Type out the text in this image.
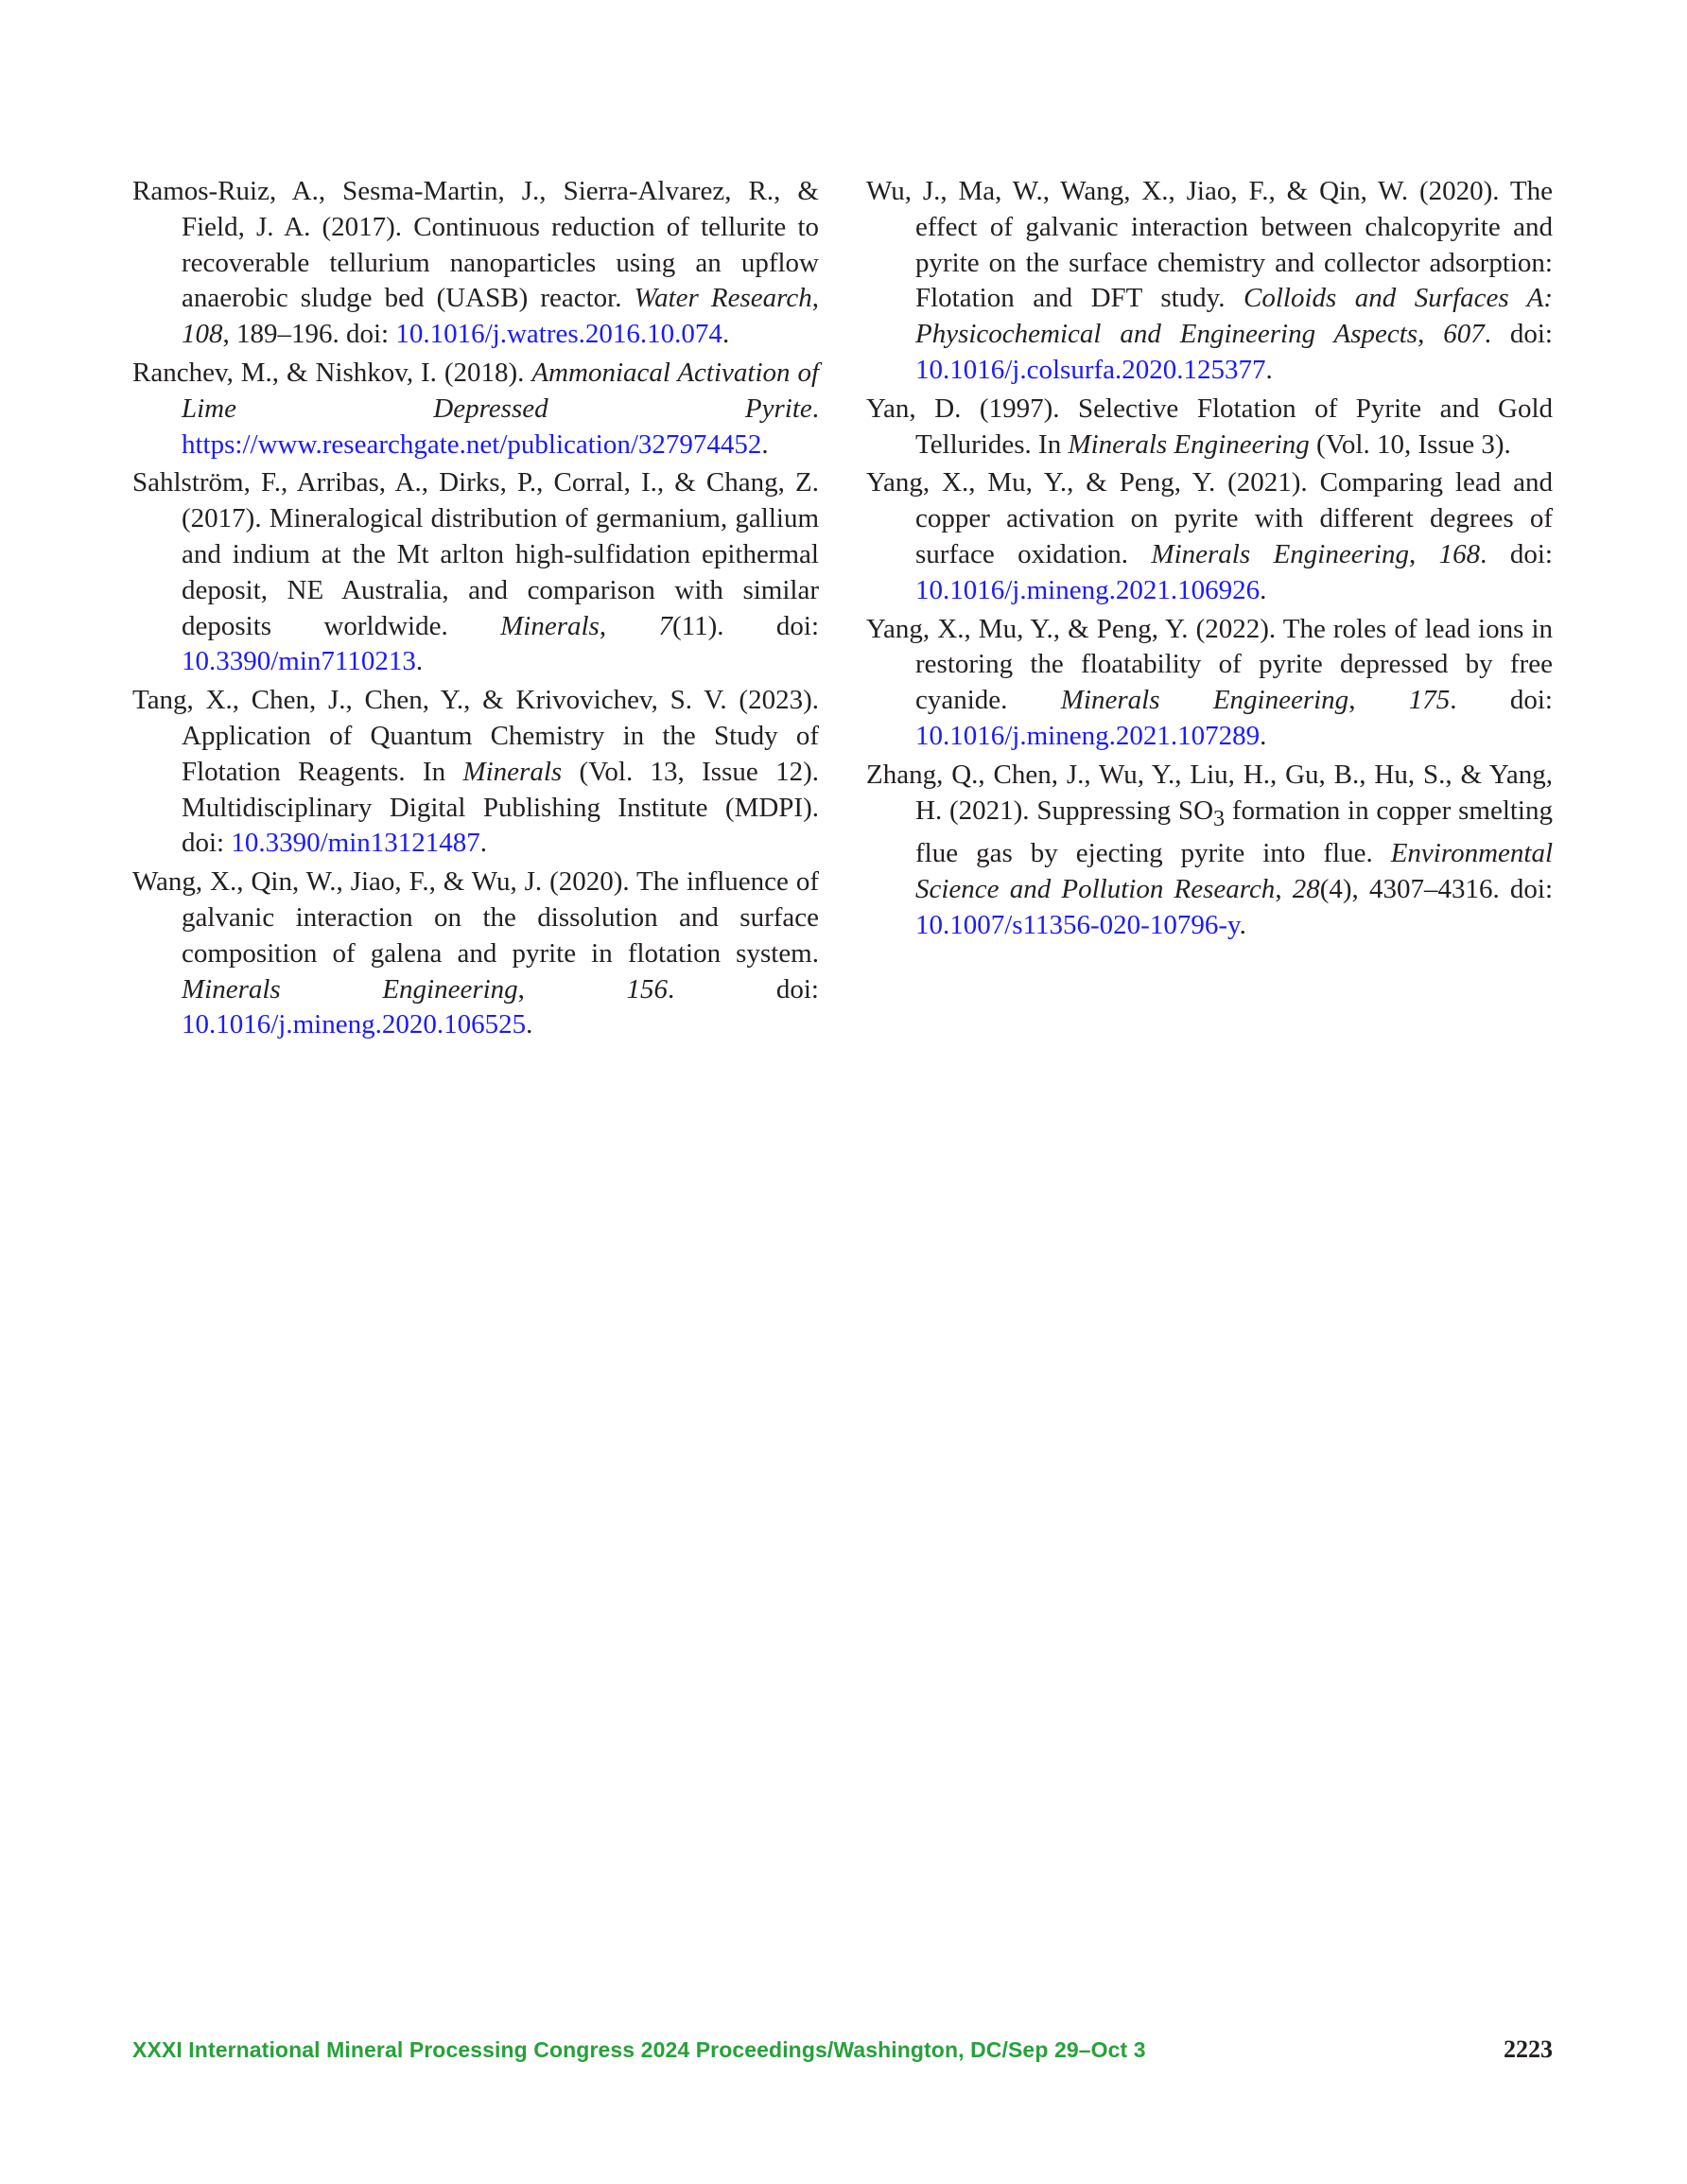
Ramos-Ruiz, A., Sesma-Martin, J., Sierra-Alvarez, R., & Field, J. A. (2017). Continuous reduction of tellurite to recoverable tellurium nanoparticles using an upflow anaerobic sludge bed (UASB) reactor. Water Research, 108, 189–196. doi: 10.1016/j.watres.2016.10.074.

Ranchev, M., & Nishkov, I. (2018). Ammoniacal Activation of Lime Depressed Pyrite. https://www.researchgate.net/publication/327974452.

Sahlström, F., Arribas, A., Dirks, P., Corral, I., & Chang, Z. (2017). Mineralogical distribution of germanium, gallium and indium at the Mt arlton high-sulfidation epithermal deposit, NE Australia, and comparison with similar deposits worldwide. Minerals, 7(11). doi: 10.3390/min7110213.

Tang, X., Chen, J., Chen, Y., & Krivovichev, S. V. (2023). Application of Quantum Chemistry in the Study of Flotation Reagents. In Minerals (Vol. 13, Issue 12). Multidisciplinary Digital Publishing Institute (MDPI). doi: 10.3390/min13121487.

Wang, X., Qin, W., Jiao, F., & Wu, J. (2020). The influence of galvanic interaction on the dissolution and surface composition of galena and pyrite in flotation system. Minerals Engineering, 156. doi: 10.1016/j.mineng.2020.106525.

Wu, J., Ma, W., Wang, X., Jiao, F., & Qin, W. (2020). The effect of galvanic interaction between chalcopyrite and pyrite on the surface chemistry and collector adsorption: Flotation and DFT study. Colloids and Surfaces A: Physicochemical and Engineering Aspects, 607. doi: 10.1016/j.colsurfa.2020.125377.

Yan, D. (1997). Selective Flotation of Pyrite and Gold Tellurides. In Minerals Engineering (Vol. 10, Issue 3).

Yang, X., Mu, Y., & Peng, Y. (2021). Comparing lead and copper activation on pyrite with different degrees of surface oxidation. Minerals Engineering, 168. doi: 10.1016/j.mineng.2021.106926.

Yang, X., Mu, Y., & Peng, Y. (2022). The roles of lead ions in restoring the floatability of pyrite depressed by free cyanide. Minerals Engineering, 175. doi: 10.1016/j.mineng.2021.107289.

Zhang, Q., Chen, J., Wu, Y., Liu, H., Gu, B., Hu, S., & Yang, H. (2021). Suppressing $SO_3$ formation in copper smelting flue gas by ejecting pyrite into flue. Environmental Science and Pollution Research, 28(4), 4307–4316. doi: 10.1007/s11356-020-10796-y.

XXXI International Mineral Processing Congress 2024 Proceedings/Washington, DC/Sep 29–Oct 3	2223
